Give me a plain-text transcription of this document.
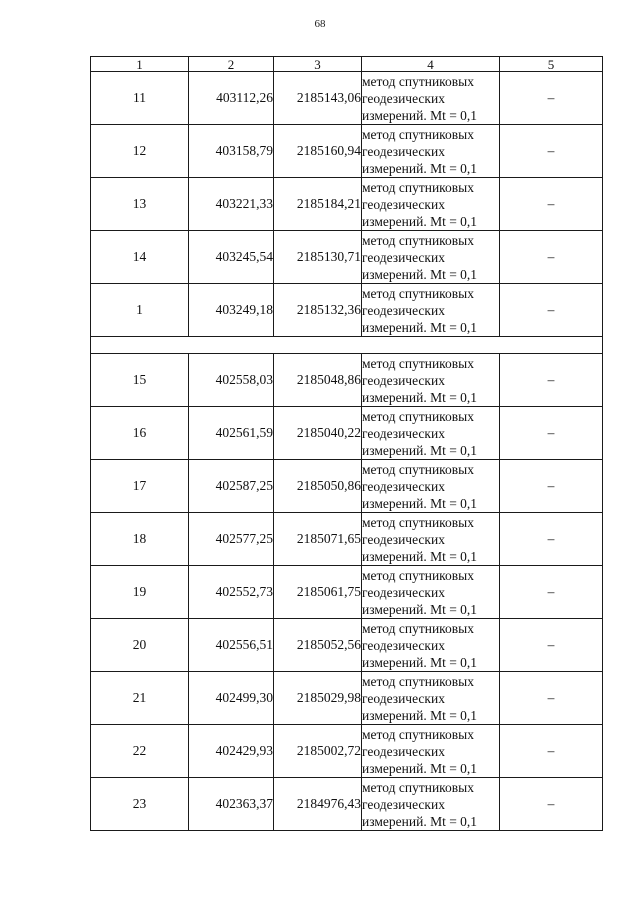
68
1	2	3	4	5
11	403112,26	2185143,06	метод спутниковых
геодезических
измерений. Mt = 0,1	–
12	403158,79	2185160,94	метод спутниковых
геодезических
измерений. Mt = 0,1	–
13	403221,33	2185184,21	метод спутниковых
геодезических
измерений. Mt = 0,1	–
14	403245,54	2185130,71	метод спутниковых
геодезических
измерений. Mt = 0,1	–
1	403249,18	2185132,36	метод спутниковых
геодезических
измерений. Mt = 0,1	–

15	402558,03	2185048,86	метод спутниковых
геодезических
измерений. Mt = 0,1	–
16	402561,59	2185040,22	метод спутниковых
геодезических
измерений. Mt = 0,1	–
17	402587,25	2185050,86	метод спутниковых
геодезических
измерений. Mt = 0,1	–
18	402577,25	2185071,65	метод спутниковых
геодезических
измерений. Mt = 0,1	–
19	402552,73	2185061,75	метод спутниковых
геодезических
измерений. Mt = 0,1	–
20	402556,51	2185052,56	метод спутниковых
геодезических
измерений. Mt = 0,1	–
21	402499,30	2185029,98	метод спутниковых
геодезических
измерений. Mt = 0,1	–
22	402429,93	2185002,72	метод спутниковых
геодезических
измерений. Mt = 0,1	–
23	402363,37	2184976,43	метод спутниковых
геодезических
измерений. Mt = 0,1	–
